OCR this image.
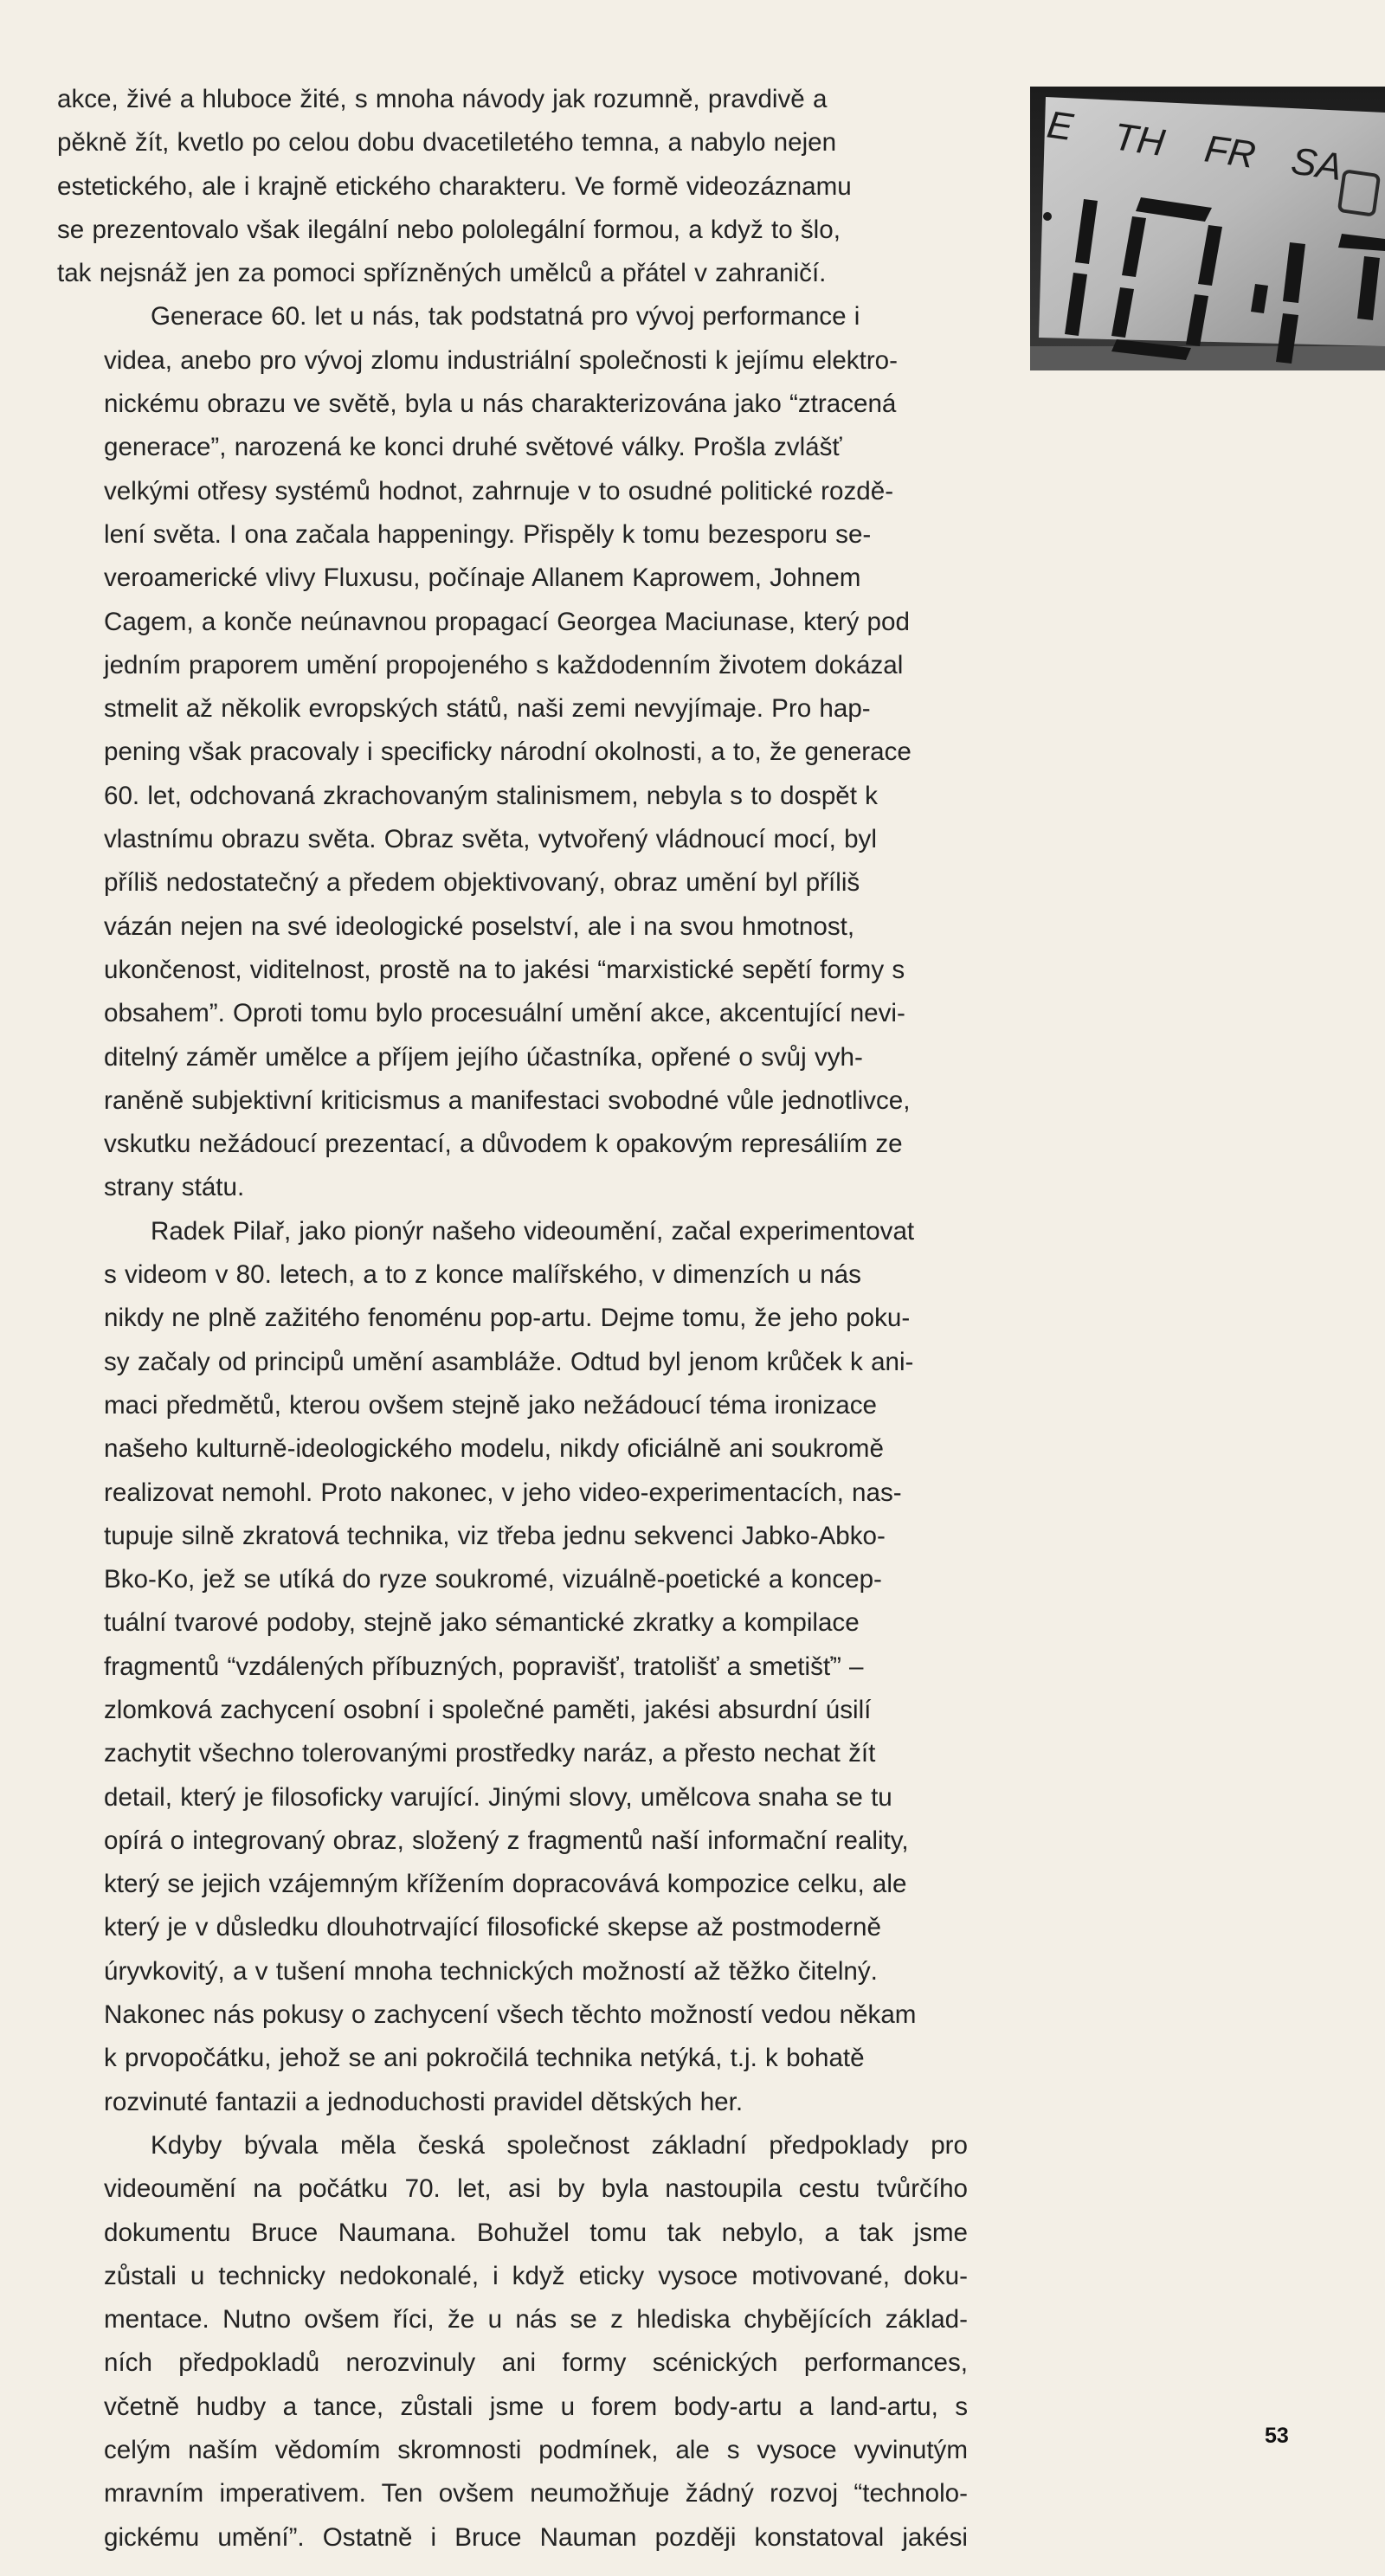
akce, živé a hluboce žité, s mnoha návody jak rozumně, pravdivě a
pěkně žít, kvetlo po celou dobu dvacetiletého temna, a nabylo nejen
estetického, ale i krajně etického charakteru. Ve formě videozáznamu
se prezentovalo však ilegální nebo pololegální formou, a když to šlo,
tak nejsnáž jen za pomoci spřízněných umělců a přátel v zahraničí.

Generace 60. let u nás, tak podstatná pro vývoj performance i
videa, anebo pro vývoj zlomu industriální společnosti k jejímu elektro-
nickému obrazu ve světě, byla u nás charakterizována jako “ztracená
generace”, narozená ke konci druhé světové války. Prošla zvlášť
velkými otřesy systémů hodnot, zahrnuje v to osudné politické rozdě-
lení světa. I ona začala happeningy. Přispěly k tomu bezesporu se-
veroamerické vlivy Fluxusu, počínaje Allanem Kaprowem, Johnem
Cagem, a konče neúnavnou propagací Georgea Maciunase, který pod
jedním praporem umění propojeného s každodenním životem dokázal
stmelit až několik evropských států, naši zemi nevyjímaje. Pro hap-
pening však pracovaly i specificky národní okolnosti, a to, že generace
60. let, odchovaná zkrachovaným stalinismem, nebyla s to dospět k
vlastnímu obrazu světa. Obraz světa, vytvořený vládnoucí mocí, byl
příliš nedostatečný a předem objektivovaný, obraz umění byl příliš
vázán nejen na své ideologické poselství, ale i na svou hmotnost,
ukončenost, viditelnost, prostě na to jakési “marxistické sepětí formy s
obsahem”. Oproti tomu bylo procesuální umění akce, akcentující nevi-
ditelný záměr umělce a příjem jejího účastníka, opřené o svůj vyh-
raněně subjektivní kriticismus a manifestaci svobodné vůle jednotlivce,
vskutku nežádoucí prezentací, a důvodem k opakovým represáliím ze
strany státu.

Radek Pilař, jako pionýr našeho videoumění, začal experimentovat
s videom v 80. letech, a to z konce malířského, v dimenzích u nás
nikdy ne plně zažitého fenoménu pop-artu. Dejme tomu, že jeho poku-
sy začaly od principů umění asambláže. Odtud byl jenom krůček k ani-
maci předmětů, kterou ovšem stejně jako nežádoucí téma ironizace
našeho kulturně-ideologického modelu, nikdy oficiálně ani soukromě
realizovat nemohl. Proto nakonec, v jeho video-experimentacích, nas-
tupuje silně zkratová technika, viz třeba jednu sekvenci Jabko-Abko-
Bko-Ko, jež se utíká do ryze soukromé, vizuálně-poetické a koncep-
tuální tvarové podoby, stejně jako sémantické zkratky a kompilace
fragmentů “vzdálených příbuzných, popravišť, tratolišť a smetišť” –
zlomková zachycení osobní i společné paměti, jakési absurdní úsilí
zachytit všechno tolerovanými prostředky naráz, a přesto nechat žít
detail, který je filosoficky varující. Jinými slovy, umělcova snaha se tu
opírá o integrovaný obraz, složený z fragmentů naší informační reality,
který se jejich vzájemným křížením dopracovává kompozice celku, ale
který je v důsledku dlouhotrvající filosofické skepse až postmoderně
úryvkovitý, a v tušení mnoha technických možností až těžko čitelný.
Nakonec nás pokusy o zachycení všech těchto možností vedou někam
k prvopočátku, jehož se ani pokročilá technika netýká, t.j. k bohatě
rozvinuté fantazii a jednoduchosti pravidel dětských her.

Kdyby bývala měla česká společnost základní předpoklady pro
videoumění na počátku 70. let, asi by byla nastoupila cestu tvůrčího
dokumentu Bruce Naumana. Bohužel tomu tak nebylo, a tak jsme
zůstali u technicky nedokonalé, i když eticky vysoce motivované, doku-
mentace. Nutno ovšem říci, že u nás se z hlediska chybějících základ-
ních předpokladů nerozvinuly ani formy scénických performances,
včetně hudby a tance, zůstali jsme u forem body-artu a land-artu, s
celým naším vědomím skromnosti podmínek, ale s vysoce vyvinutým
mravním imperativem. Ten ovšem neumožňuje žádný rozvoj “technolo-
gickému umění”. Ostatně i Bruce Nauman později konstatoval jakési

E TH FR SA
53
